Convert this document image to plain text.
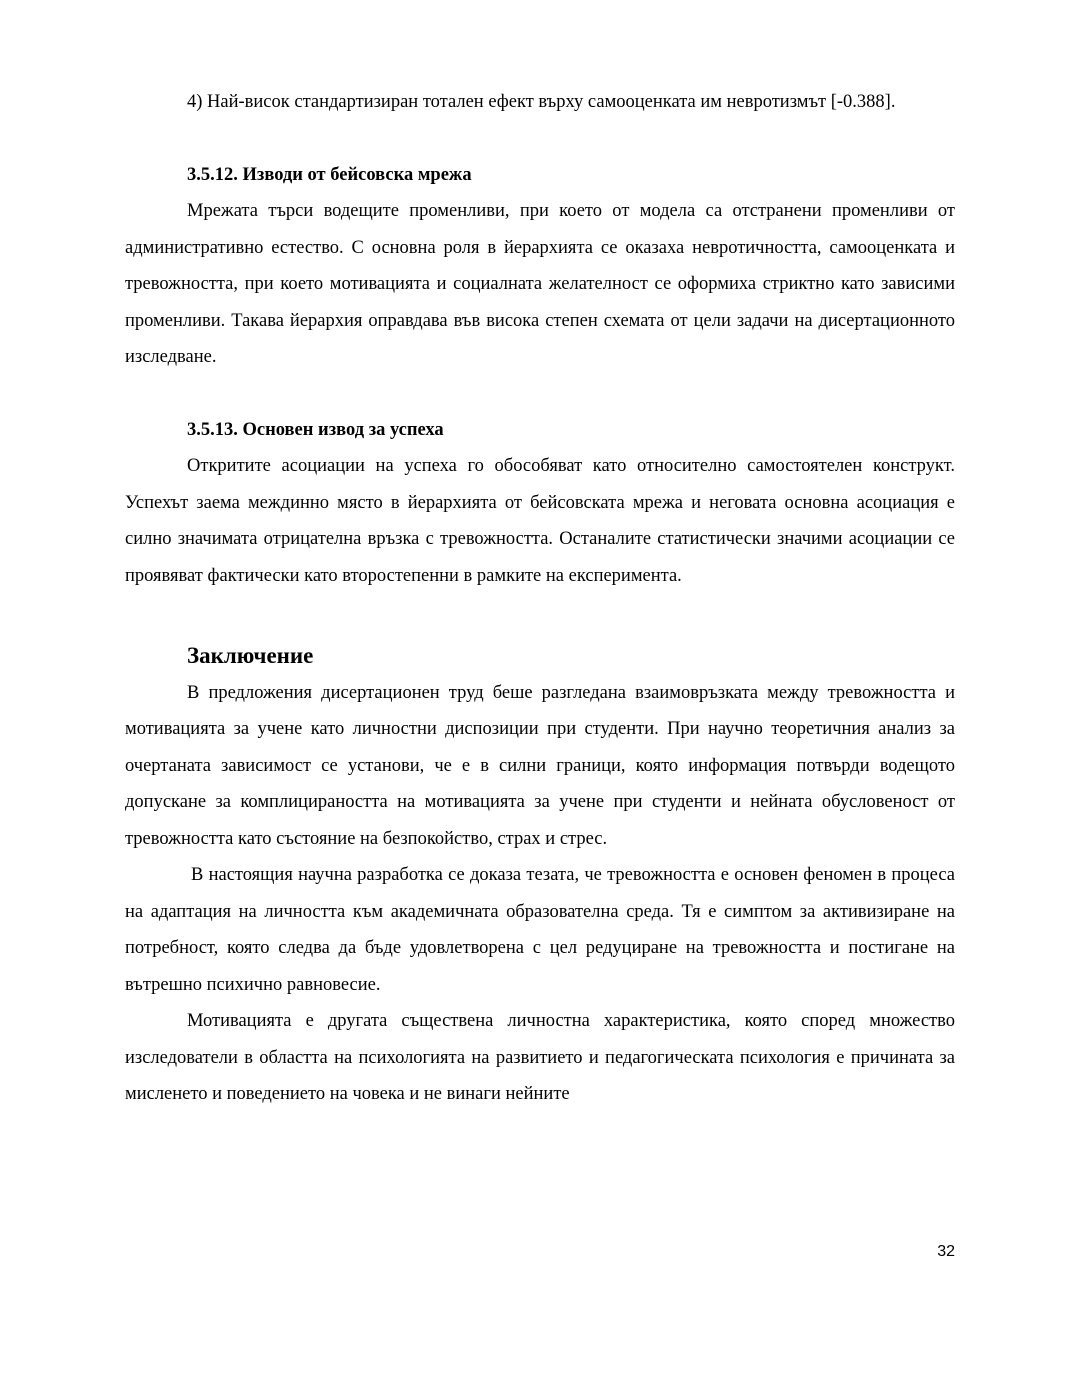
4) Най-висок стандартизиран тотален ефект върху самооценката им невротизмът [-0.388].

3.5.12. Изводи от бейсовска мрежа

Мрежата търси водещите променливи, при което от модела са отстранени променливи от административно естество. С основна роля в йерархията се оказаха невротичността, самооценката и тревожността, при което мотивацията и социалната желателност се оформиха стриктно като зависими променливи. Такава йерархия оправдава във висока степен схемата от цели задачи на дисертационното изследване.

3.5.13. Основен извод за успеха

Откритите асоциации на успеха го обособяват като относително самостоятелен конструкт. Успехът заема междинно място в йерархията от бейсовската мрежа и неговата основна асоциация е силно значимата отрицателна връзка с тревожността. Останалите статистически значими асоциации се проявяват фактически като второстепенни в рамките на експеримента.

Заключение

В предложения дисертационен труд беше разгледана взаимовръзката между тревожността и мотивацията за учене като личностни диспозиции при студенти. При научно теоретичния анализ за очертаната зависимост се установи, че е в силни граници, която информация потвърди водещото допускане за комплицираността на мотивацията за учене при студенти и нейната обусловеност от тревожността като състояние на безпокойство, страх и стрес.

В настоящия научна разработка се доказа тезата, че тревожността е основен феномен в процеса на адаптация на личността към академичната образователна среда. Тя е симптом за активизиране на потребност, която следва да бъде удовлетворена с цел редуциране на тревожността и постигане на вътрешно психично равновесие.

Мотивацията е другата съществена личностна характеристика, която според множество изследователи в областта на психологията на развитието и педагогическата психология е причината за мисленето и поведението на човека и не винаги нейните

32
